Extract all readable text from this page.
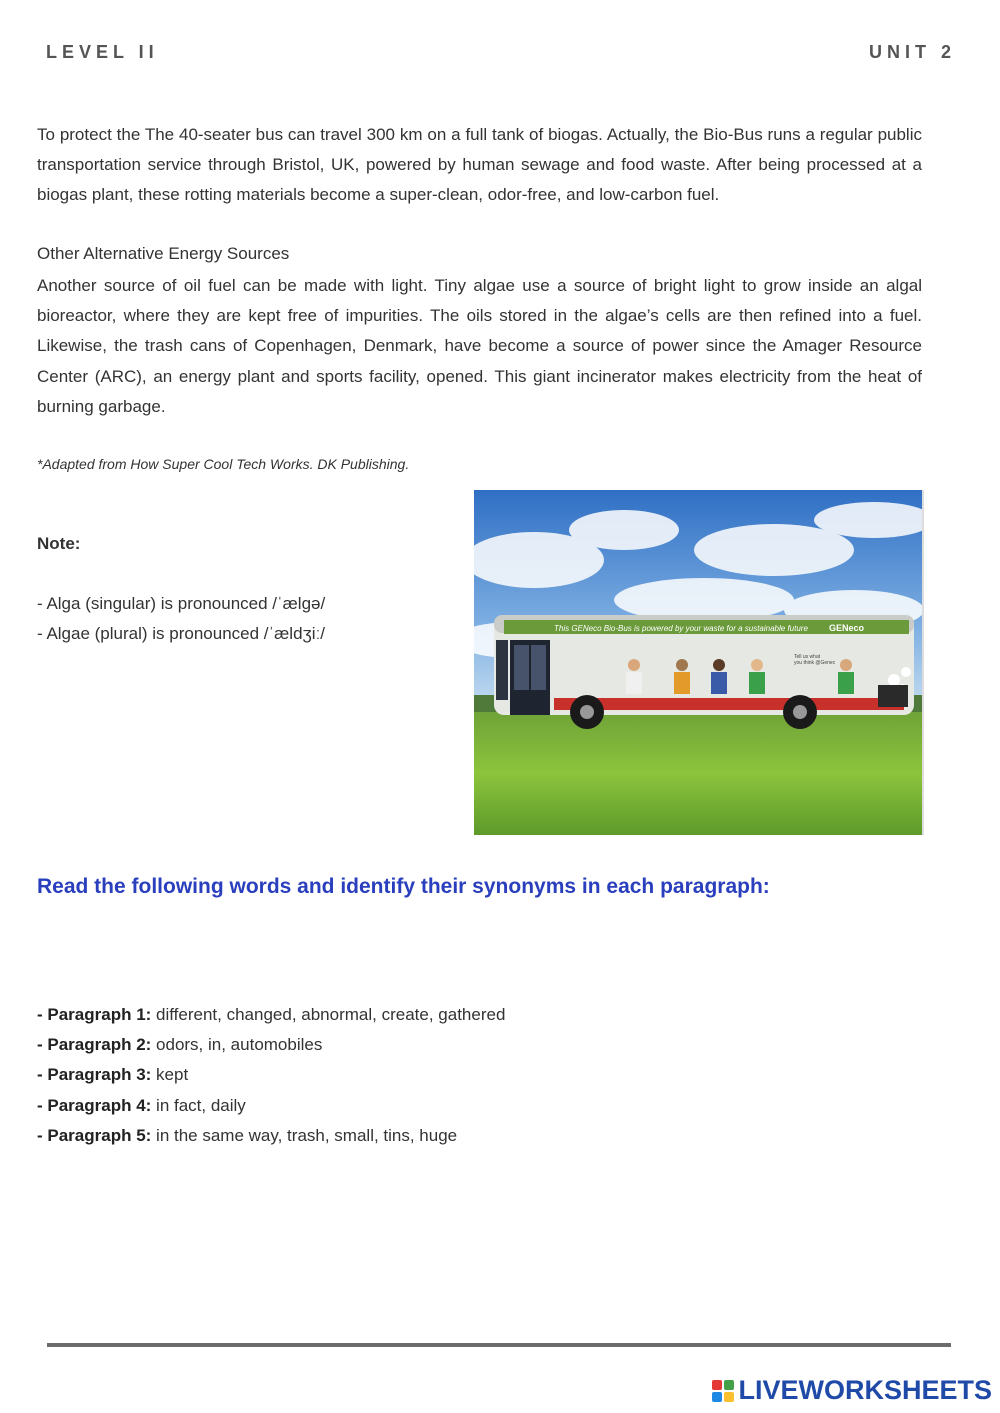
LEVEL II	UNIT 2

To protect the The 40-seater bus can travel 300 km on a full tank of biogas. Actually, the Bio-Bus runs a regular public transportation service through Bristol, UK, powered by human sewage and food waste. After being processed at a biogas plant, these rotting materials become a super-clean, odor-free, and low-carbon fuel.

Other Alternative Energy Sources

Another source of oil fuel can be made with light. Tiny algae use a source of bright light to grow inside an algal bioreactor, where they are kept free of impurities. The oils stored in the algae’s cells are then refined into a fuel. Likewise, the trash cans of Copenhagen, Denmark, have become a source of power since the Amager Resource Center (ARC), an energy plant and sports facility, opened. This giant incinerator makes electricity from the heat of burning garbage.

*Adapted from How Super Cool Tech Works. DK Publishing.
Note:
- Alga (singular) is pronounced /ˈælgə/
- Algae (plural) is pronounced /ˈældʒiː/	This GENeco Bio-Bus is powered by your waste for a sustainable future GENeco
Tell us what
you think @Genec

Read the following words and identify their synonyms in each paragraph:

- Paragraph 1: different, changed, abnormal, create, gathered
- Paragraph 2: odors, in, automobiles
- Paragraph 3: kept
- Paragraph 4: in fact, daily
- Paragraph 5: in the same way, trash, small, tins, huge
LIVEWORKSHEETS
